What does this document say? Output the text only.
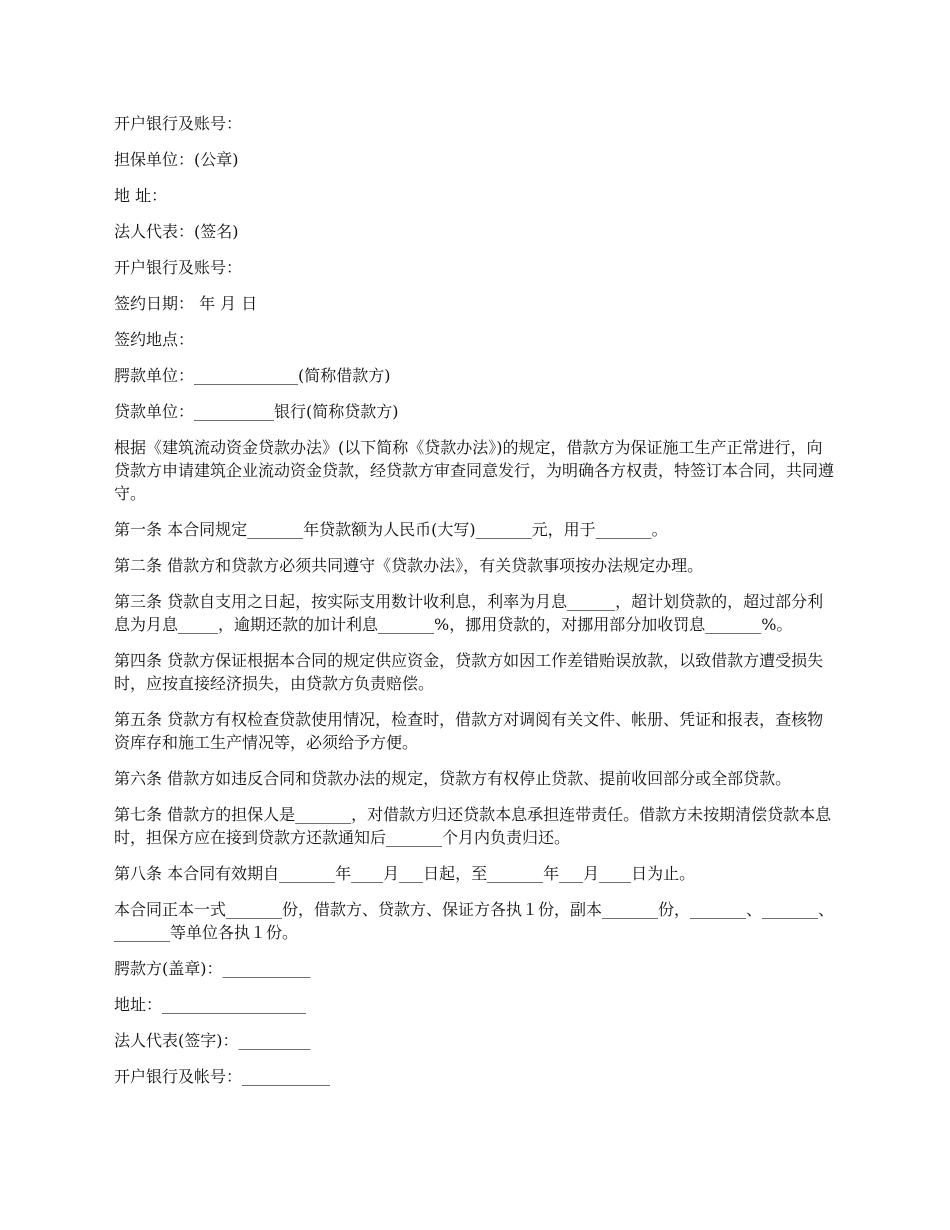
开户银行及账号：

担保单位：(公章)

地 址：

法人代表：(签名)

开户银行及账号：

签约日期： 年 月 日

签约地点：

腭款单位：_____________(简称借款方)

贷款单位：__________银行(简称贷款方)

根据《建筑流动资金贷款办法》(以下简称《贷款办法》)的规定，借款方为保证施工生产正常进行，向贷款方申请建筑企业流动资金贷款，经贷款方审查同意发行，为明确各方权责，特签订本合同，共同遵守。

第一条 本合同规定_______年贷款额为人民币(大写)_______元，用于_______。

第二条 借款方和贷款方必须共同遵守《贷款办法》，有关贷款事项按办法规定办理。

第三条 贷款自支用之日起，按实际支用数计收利息，利率为月息______，超计划贷款的，超过部分利息为月息_____，逾期还款的加计利息_______%，挪用贷款的，对挪用部分加收罚息_______%。

第四条 贷款方保证根据本合同的规定供应资金，贷款方如因工作差错贻误放款，以致借款方遭受损失时，应按直接经济损失，由贷款方负责赔偿。

第五条 贷款方有权检查贷款使用情况，检查时，借款方对调阅有关文件、帐册、凭证和报表，查核物资库存和施工生产情况等，必须给予方便。

第六条 借款方如违反合同和贷款办法的规定，贷款方有权停止贷款、提前收回部分或全部贷款。

第七条 借款方的担保人是_______，对借款方归还贷款本息承担连带责任。借款方未按期清偿贷款本息时，担保方应在接到贷款方还款通知后_______个月内负责归还。

第八条 本合同有效期自_______年____月___日起，至_______年___月____日为止。

本合同正本一式_______份，借款方、贷款方、保证方各执１份，副本_______份，_______、_______、_______等单位各执１份。

腭款方(盖章)：___________

地址：__________________

法人代表(签字)：_________

开户银行及帐号：___________
